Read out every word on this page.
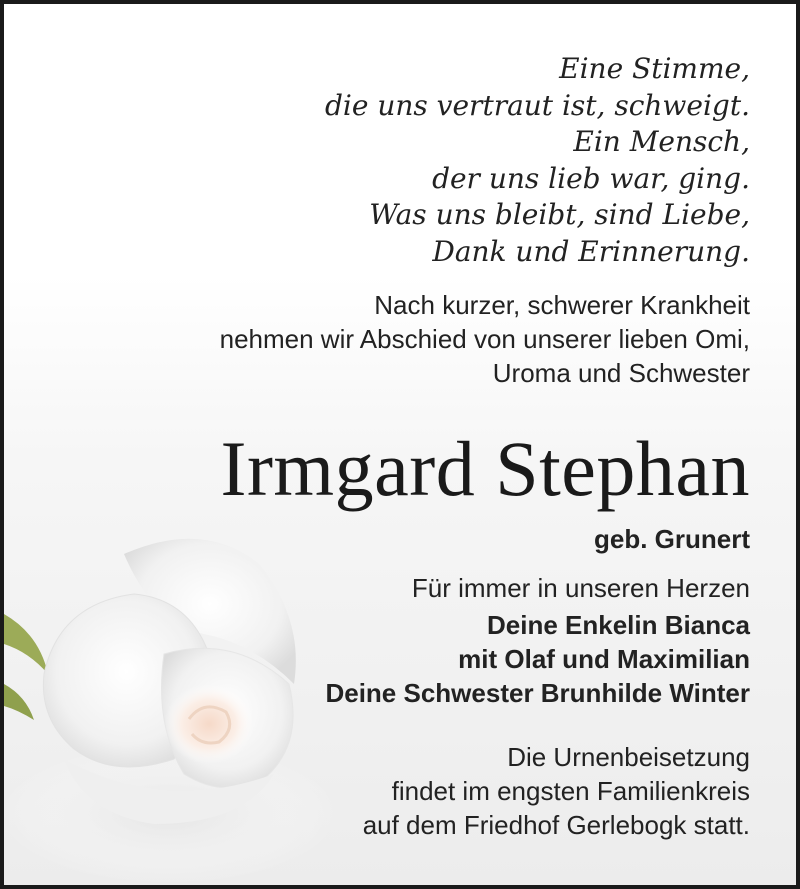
Eine Stimme,
die uns vertraut ist, schweigt.
Ein Mensch,
der uns lieb war, ging.
Was uns bleibt, sind Liebe,
Dank und Erinnerung.
Nach kurzer, schwerer Krankheit
nehmen wir Abschied von unserer lieben Omi,
Uroma und Schwester
Irmgard Stephan
geb. Grunert
Für immer in unseren Herzen
Deine Enkelin Bianca
mit Olaf und Maximilian
Deine Schwester Brunhilde Winter
Die Urnenbeisetzung
findet im engsten Familienkreis
auf dem Friedhof Gerlebogk statt.
